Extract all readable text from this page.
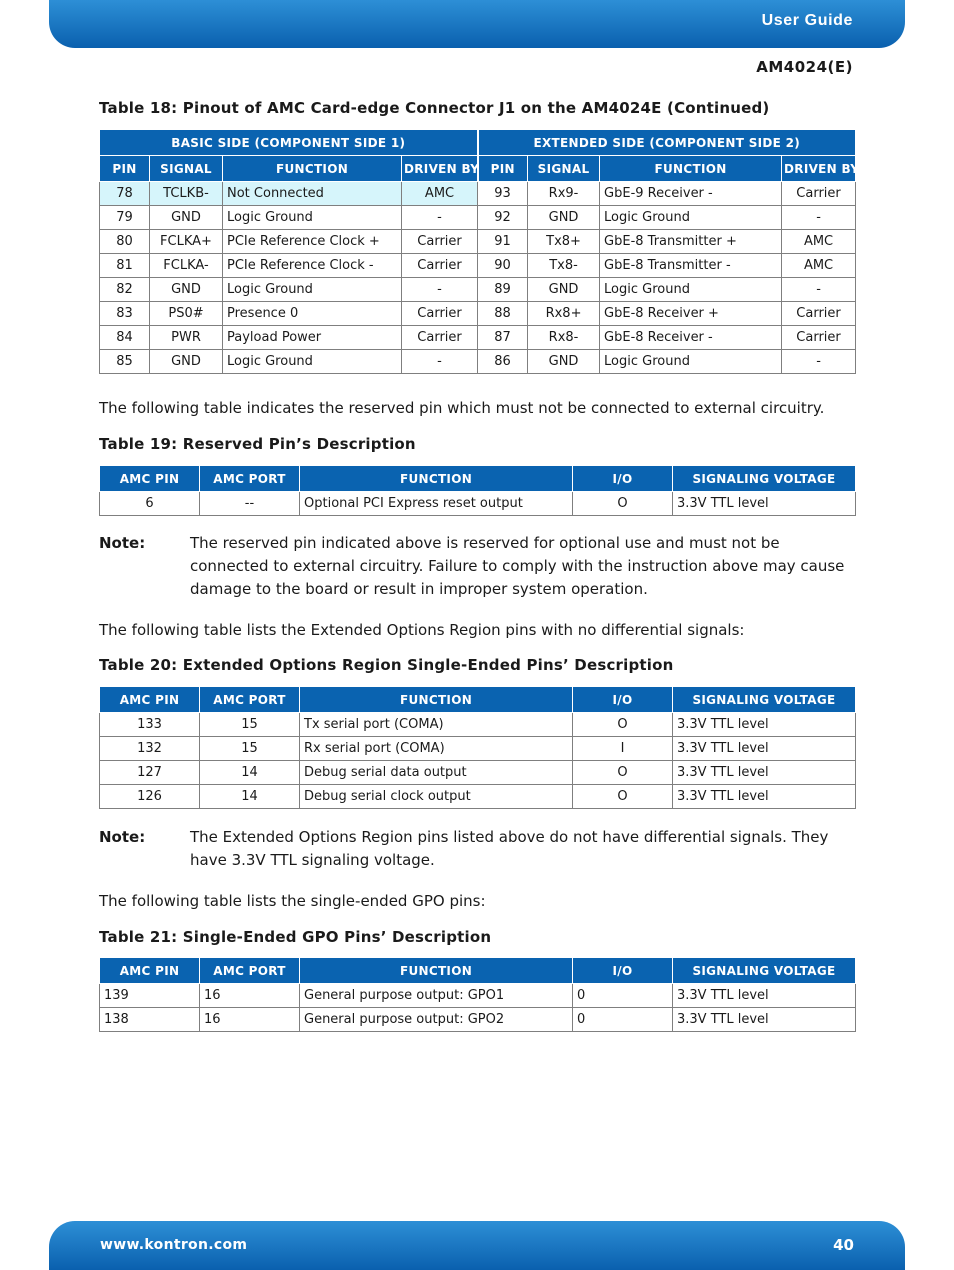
User Guide
AM4024(E)
Table 18: Pinout of AMC Card-edge Connector J1 on the AM4024E (Continued)
BASIC SIDE (COMPONENT SIDE 1)				EXTENDED SIDE (COMPONENT SIDE 2)			
PIN	SIGNAL	FUNCTION	DRIVEN BY	PIN	SIGNAL	FUNCTION	DRIVEN BY
78	TCLKB-	Not Connected	AMC	93	Rx9-	GbE-9 Receiver -	Carrier
79	GND	Logic Ground	-	92	GND	Logic Ground	-
80	FCLKA+	PCIe Reference Clock +	Carrier	91	Tx8+	GbE-8 Transmitter +	AMC
81	FCLKA-	PCIe Reference Clock -	Carrier	90	Tx8-	GbE-8 Transmitter -	AMC
82	GND	Logic Ground	-	89	GND	Logic Ground	-
83	PS0#	Presence 0	Carrier	88	Rx8+	GbE-8 Receiver +	Carrier
84	PWR	Payload Power	Carrier	87	Rx8-	GbE-8 Receiver -	Carrier
85	GND	Logic Ground	-	86	GND	Logic Ground	-
The following table indicates the reserved pin which must not be connected to external circuitry.
Table 19: Reserved Pin’s Description
AMC PIN	AMC PORT	FUNCTION	I/O	SIGNALING VOLTAGE
6	--	Optional PCI Express reset output	O	3.3V TTL level
Note:	The reserved pin indicated above is reserved for optional use and must not be connected to external circuitry. Failure to comply with the instruction above may cause damage to the board or result in improper system operation.
The following table lists the Extended Options Region pins with no differential signals:
Table 20: Extended Options Region Single-Ended Pins’ Description
AMC PIN	AMC PORT	FUNCTION	I/O	SIGNALING VOLTAGE
133	15	Tx serial port (COMA)	O	3.3V TTL level
132	15	Rx serial port (COMA)	I	3.3V TTL level
127	14	Debug serial data output	O	3.3V TTL level
126	14	Debug serial clock output	O	3.3V TTL level
Note:	The Extended Options Region pins listed above do not have differential signals. They have 3.3V TTL signaling voltage.
The following table lists the single-ended GPO pins:
Table 21: Single-Ended GPO Pins’ Description
AMC PIN	AMC PORT	FUNCTION	I/O	SIGNALING VOLTAGE
139	16	General purpose output: GPO1	0	3.3V TTL level
138	16	General purpose output: GPO2	0	3.3V TTL level
www.kontron.com	40
